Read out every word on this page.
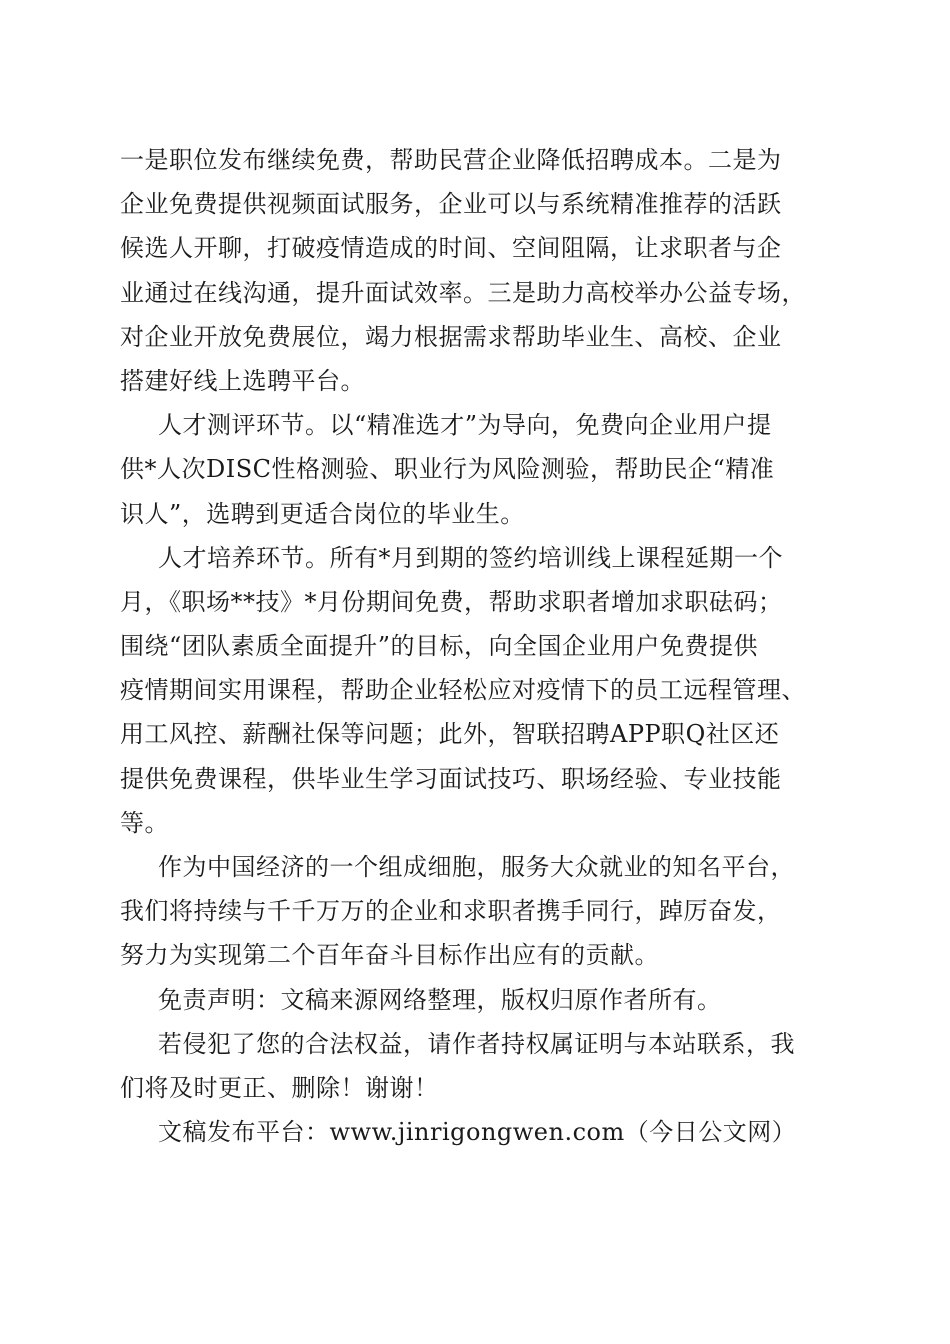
一是职位发布继续免费，帮助民营企业降低招聘成本。二是为
企业免费提供视频面试服务，企业可以与系统精准推荐的活跃
候选人开聊，打破疫情造成的时间、空间阻隔，让求职者与企
业通过在线沟通，提升面试效率。三是助力高校举办公益专场，
对企业开放免费展位，竭力根据需求帮助毕业生、高校、企业
搭建好线上选聘平台。
人才测评环节。以“精准选才”为导向，免费向企业用户提
供*人次DISC性格测验、职业行为风险测验，帮助民企“精准
识人”，选聘到更适合岗位的毕业生。
人才培养环节。所有*月到期的签约培训线上课程延期一个
月，《职场**技》*月份期间免费，帮助求职者增加求职砝码；
围绕“团队素质全面提升”的目标，向全国企业用户免费提供
疫情期间实用课程，帮助企业轻松应对疫情下的员工远程管理、
用工风控、薪酬社保等问题；此外，智联招聘APP职Q社区还
提供免费课程，供毕业生学习面试技巧、职场经验、专业技能
等。
作为中国经济的一个组成细胞，服务大众就业的知名平台，
我们将持续与千千万万的企业和求职者携手同行，踔厉奋发，
努力为实现第二个百年奋斗目标作出应有的贡献。
免责声明：文稿来源网络整理，版权归原作者所有。
若侵犯了您的合法权益，请作者持权属证明与本站联系，我
们将及时更正、删除！谢谢！
文稿发布平台：www.jinrigongwen.com（今日公文网）
